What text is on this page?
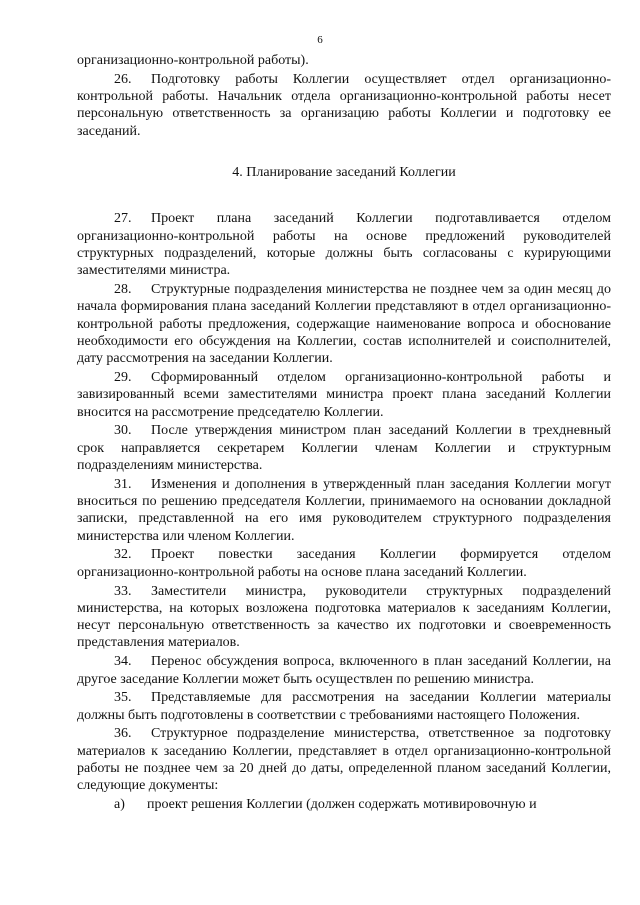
6

организационно-контрольной работы).

26. Подготовку работы Коллегии осуществляет отдел организационно-контрольной работы. Начальник отдела организационно-контрольной работы несет персональную ответственность за организацию работы Коллегии и подготовку ее заседаний.

4. Планирование заседаний Коллегии

27. Проект плана заседаний Коллегии подготавливается отделом организационно-контрольной работы на основе предложений руководителей структурных подразделений, которые должны быть согласованы с курирующими заместителями министра.

28. Структурные подразделения министерства не позднее чем за один месяц до начала формирования плана заседаний Коллегии представляют в отдел организационно-контрольной работы предложения, содержащие наименование вопроса и обоснование необходимости его обсуждения на Коллегии, состав исполнителей и соисполнителей, дату рассмотрения на заседании Коллегии.

29. Сформированный отделом организационно-контрольной работы и завизированный всеми заместителями министра проект плана заседаний Коллегии вносится на рассмотрение председателю Коллегии.

30. После утверждения министром план заседаний Коллегии в трехдневный срок направляется секретарем Коллегии членам Коллегии и структурным подразделениям министерства.

31. Изменения и дополнения в утвержденный план заседания Коллегии могут вноситься по решению председателя Коллегии, принимаемого на основании докладной записки, представленной на его имя руководителем структурного подразделения министерства или членом Коллегии.

32. Проект повестки заседания Коллегии формируется отделом организационно-контрольной работы на основе плана заседаний Коллегии.

33. Заместители министра, руководители структурных подразделений министерства, на которых возложена подготовка материалов к заседаниям Коллегии, несут персональную ответственность за качество их подготовки и своевременность представления материалов.

34. Перенос обсуждения вопроса, включенного в план заседаний Коллегии, на другое заседание Коллегии может быть осуществлен по решению министра.

35. Представляемые для рассмотрения на заседании Коллегии материалы должны быть подготовлены в соответствии с требованиями настоящего Положения.

36. Структурное подразделение министерства, ответственное за подготовку материалов к заседанию Коллегии, представляет в отдел организационно-контрольной работы не позднее чем за 20 дней до даты, определенной планом заседаний Коллегии, следующие документы:

а) проект решения Коллегии (должен содержать мотивировочную и
